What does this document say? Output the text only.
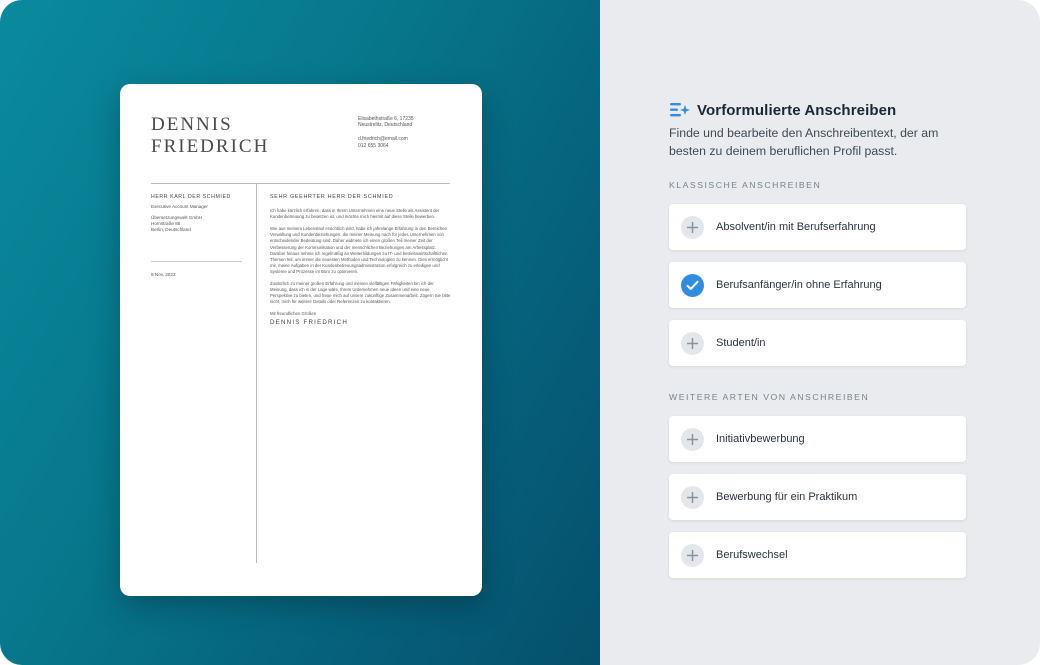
DENNIS
FRIEDRICH
Elisabethstraße 6, 17235
Neustrelitz, Deutschland
d.friedrich@email.com
012 655 3064
HERR KARL DER SCHMIED
Executive Account Manager
Übersetzungswelt GmbH
Hornstraße 85
Berlin, Deutschland
9 Nov, 2023
SEHR GEEHRTER HERR DER SCHMIED

Ich habe kürzlich erfahren, dass in Ihrem Unternehmen eine neue Stelle als Assistent der Kundenbetreuung zu besetzen ist, und möchte mich hiermit auf diese Stelle bewerben.

Wie aus meinem Lebenslauf ersichtlich wird, habe ich jahrelange Erfahrung in den Bereichen Verwaltung und Kundenbeziehungen, die meiner Meinung nach für jedes Unternehmen von entscheidender Bedeutung sind. Daher widmete ich einen großen Teil meiner Zeit der Verbesserung der Kommunikation und der menschlichen Beziehungen am Arbeitsplatz. Darüber hinaus nehme ich regelmäßig an Weiterbildungen zu IT- und betriebswirtschaftlichen Themen teil, um immer die neuesten Methoden und Technologien zu kennen. Dies ermöglicht mir, meine Aufgaben in der Kundenbetreuungsadministration erfolgreich zu erledigen und Systeme und Prozesse im Büro zu optimieren.

Zusätzlich zu meiner großen Erfahrung und meinen vielfältigen Fähigkeiten bin ich der Meinung, dass ich in der Lage wäre, Ihrem Unternehmen neue Ideen und eine neue Perspektive zu bieten, und freue mich auf unsere zukünftige Zusammenarbeit. Zögern Sie bitte nicht, mich für weitere Details oder Referenzen zu kontaktieren.

Mit freundlichen Grüßen
DENNIS FRIEDRICH
Vorformulierte Anschreiben
Finde und bearbeite den Anschreibentext, der am besten zu deinem beruflichen Profil passt.
KLASSISCHE ANSCHREIBEN
Absolvent/in mit Berufserfahrung
Berufsanfänger/in ohne Erfahrung
Student/in
WEITERE ARTEN VON ANSCHREIBEN
Initiativbewerbung
Bewerbung für ein Praktikum
Berufswechsel
